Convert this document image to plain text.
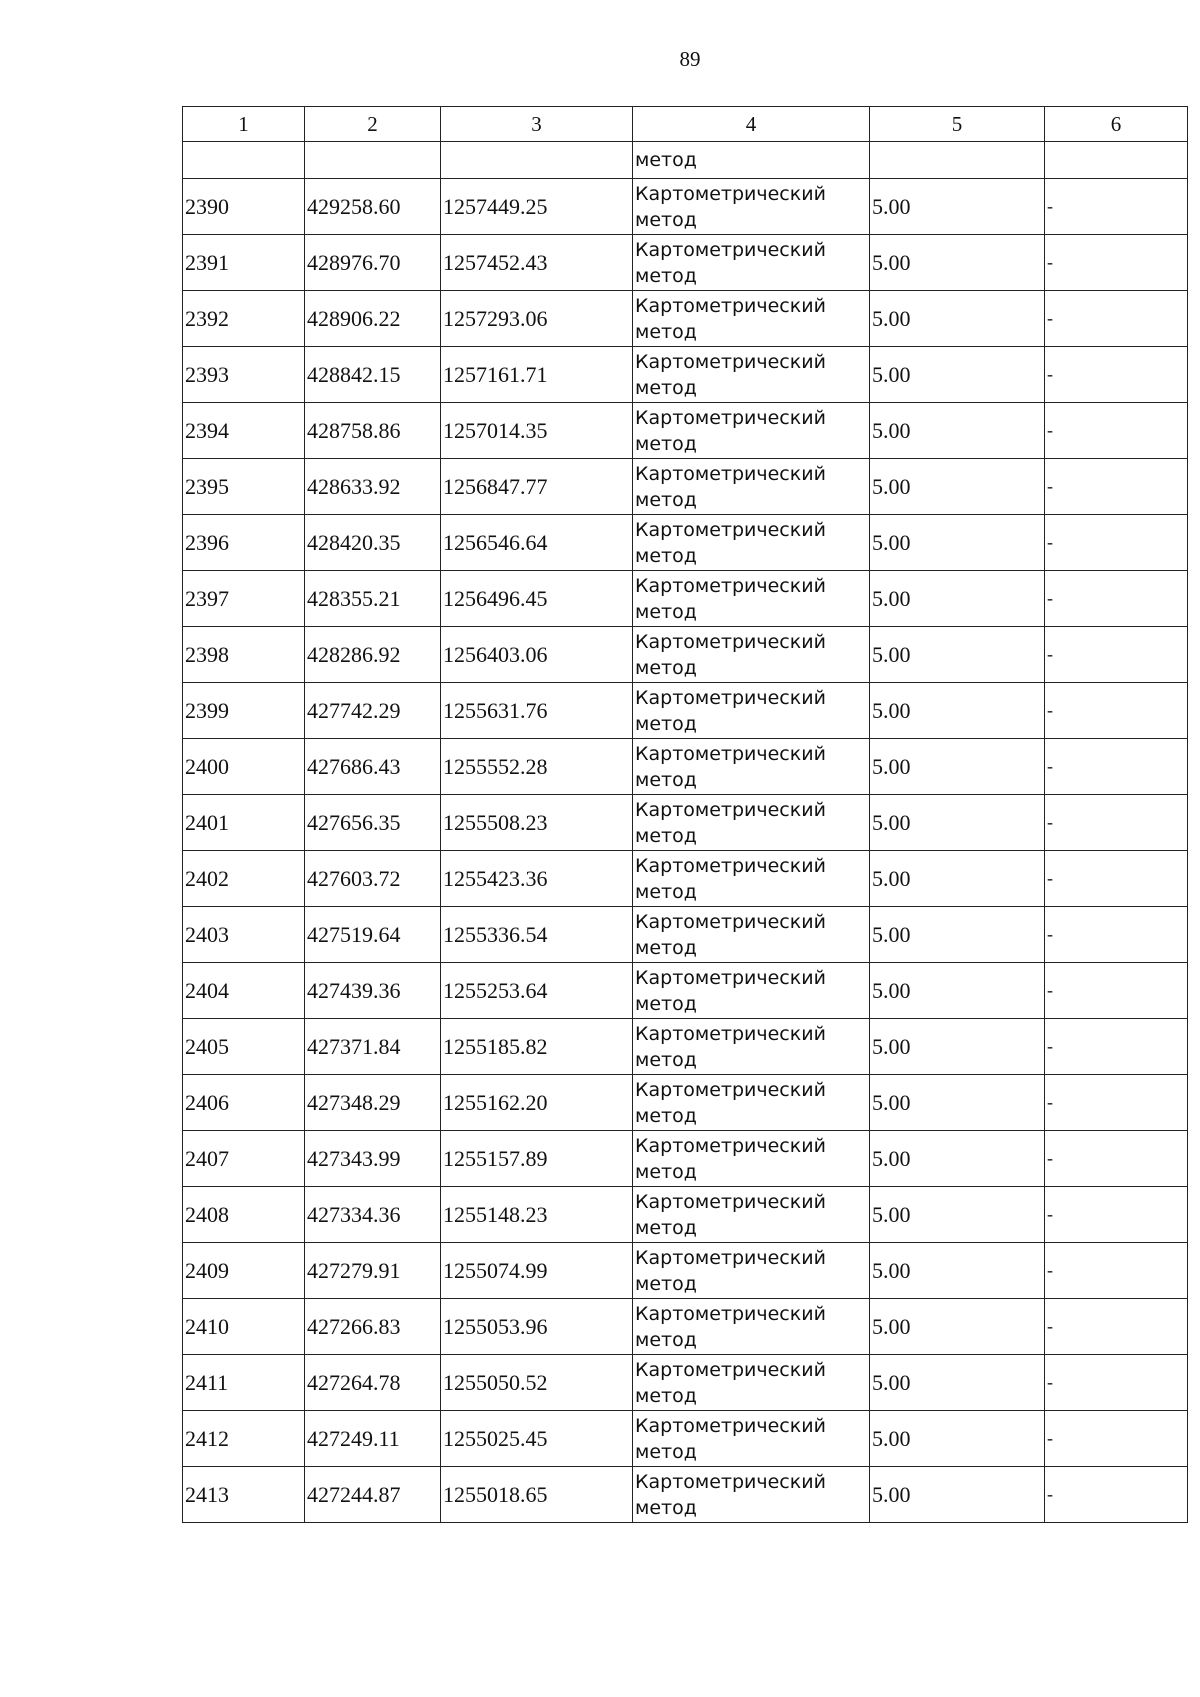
89
1	2	3	4	5	6
			метод		
2390	429258.60	1257449.25	Картометрический метод	5.00	-
2391	428976.70	1257452.43	Картометрический метод	5.00	-
2392	428906.22	1257293.06	Картометрический метод	5.00	-
2393	428842.15	1257161.71	Картометрический метод	5.00	-
2394	428758.86	1257014.35	Картометрический метод	5.00	-
2395	428633.92	1256847.77	Картометрический метод	5.00	-
2396	428420.35	1256546.64	Картометрический метод	5.00	-
2397	428355.21	1256496.45	Картометрический метод	5.00	-
2398	428286.92	1256403.06	Картометрический метод	5.00	-
2399	427742.29	1255631.76	Картометрический метод	5.00	-
2400	427686.43	1255552.28	Картометрический метод	5.00	-
2401	427656.35	1255508.23	Картометрический метод	5.00	-
2402	427603.72	1255423.36	Картометрический метод	5.00	-
2403	427519.64	1255336.54	Картометрический метод	5.00	-
2404	427439.36	1255253.64	Картометрический метод	5.00	-
2405	427371.84	1255185.82	Картометрический метод	5.00	-
2406	427348.29	1255162.20	Картометрический метод	5.00	-
2407	427343.99	1255157.89	Картометрический метод	5.00	-
2408	427334.36	1255148.23	Картометрический метод	5.00	-
2409	427279.91	1255074.99	Картометрический метод	5.00	-
2410	427266.83	1255053.96	Картометрический метод	5.00	-
2411	427264.78	1255050.52	Картометрический метод	5.00	-
2412	427249.11	1255025.45	Картометрический метод	5.00	-
2413	427244.87	1255018.65	Картометрический метод	5.00	-
